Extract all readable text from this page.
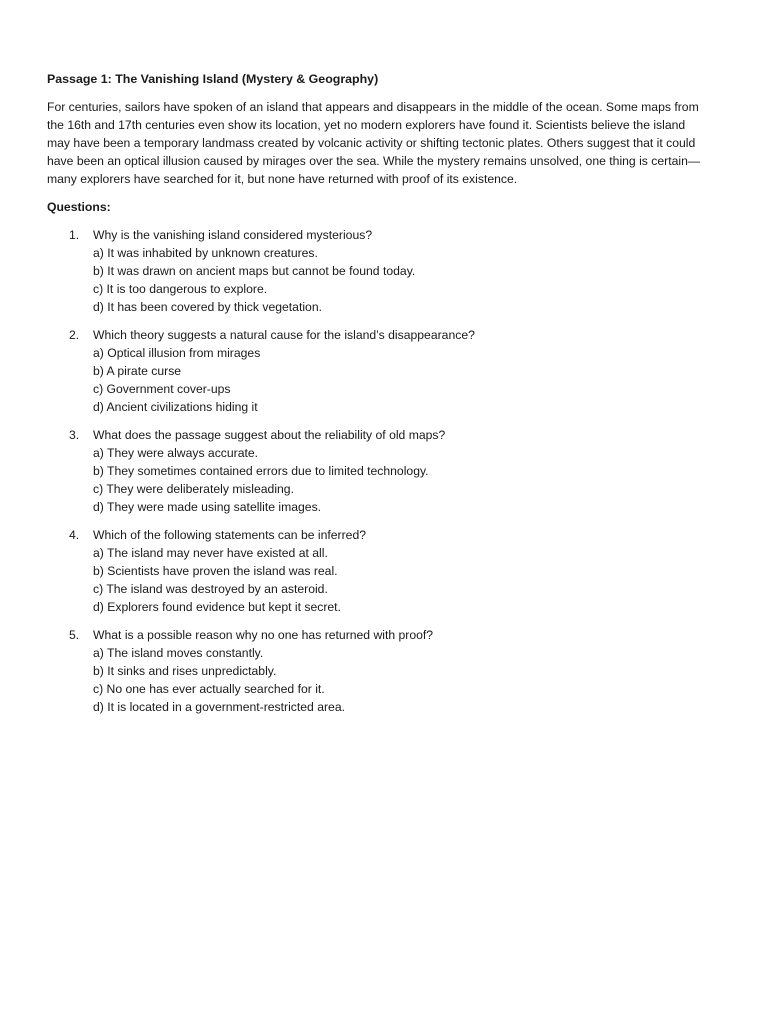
Passage 1: The Vanishing Island (Mystery & Geography)

For centuries, sailors have spoken of an island that appears and disappears in the middle of the ocean. Some maps from the 16th and 17th centuries even show its location, yet no modern explorers have found it. Scientists believe the island may have been a temporary landmass created by volcanic activity or shifting tectonic plates. Others suggest that it could have been an optical illusion caused by mirages over the sea. While the mystery remains unsolved, one thing is certain—many explorers have searched for it, but none have returned with proof of its existence.

Questions:

1.	Why is the vanishing island considered mysterious?
a) It was inhabited by unknown creatures.
b) It was drawn on ancient maps but cannot be found today.
c) It is too dangerous to explore.
d) It has been covered by thick vegetation.
2.	Which theory suggests a natural cause for the island’s disappearance?
a) Optical illusion from mirages
b) A pirate curse
c) Government cover-ups
d) Ancient civilizations hiding it
3.	What does the passage suggest about the reliability of old maps?
a) They were always accurate.
b) They sometimes contained errors due to limited technology.
c) They were deliberately misleading.
d) They were made using satellite images.
4.	Which of the following statements can be inferred?
a) The island may never have existed at all.
b) Scientists have proven the island was real.
c) The island was destroyed by an asteroid.
d) Explorers found evidence but kept it secret.
5.	What is a possible reason why no one has returned with proof?
a) The island moves constantly.
b) It sinks and rises unpredictably.
c) No one has ever actually searched for it.
d) It is located in a government-restricted area.
